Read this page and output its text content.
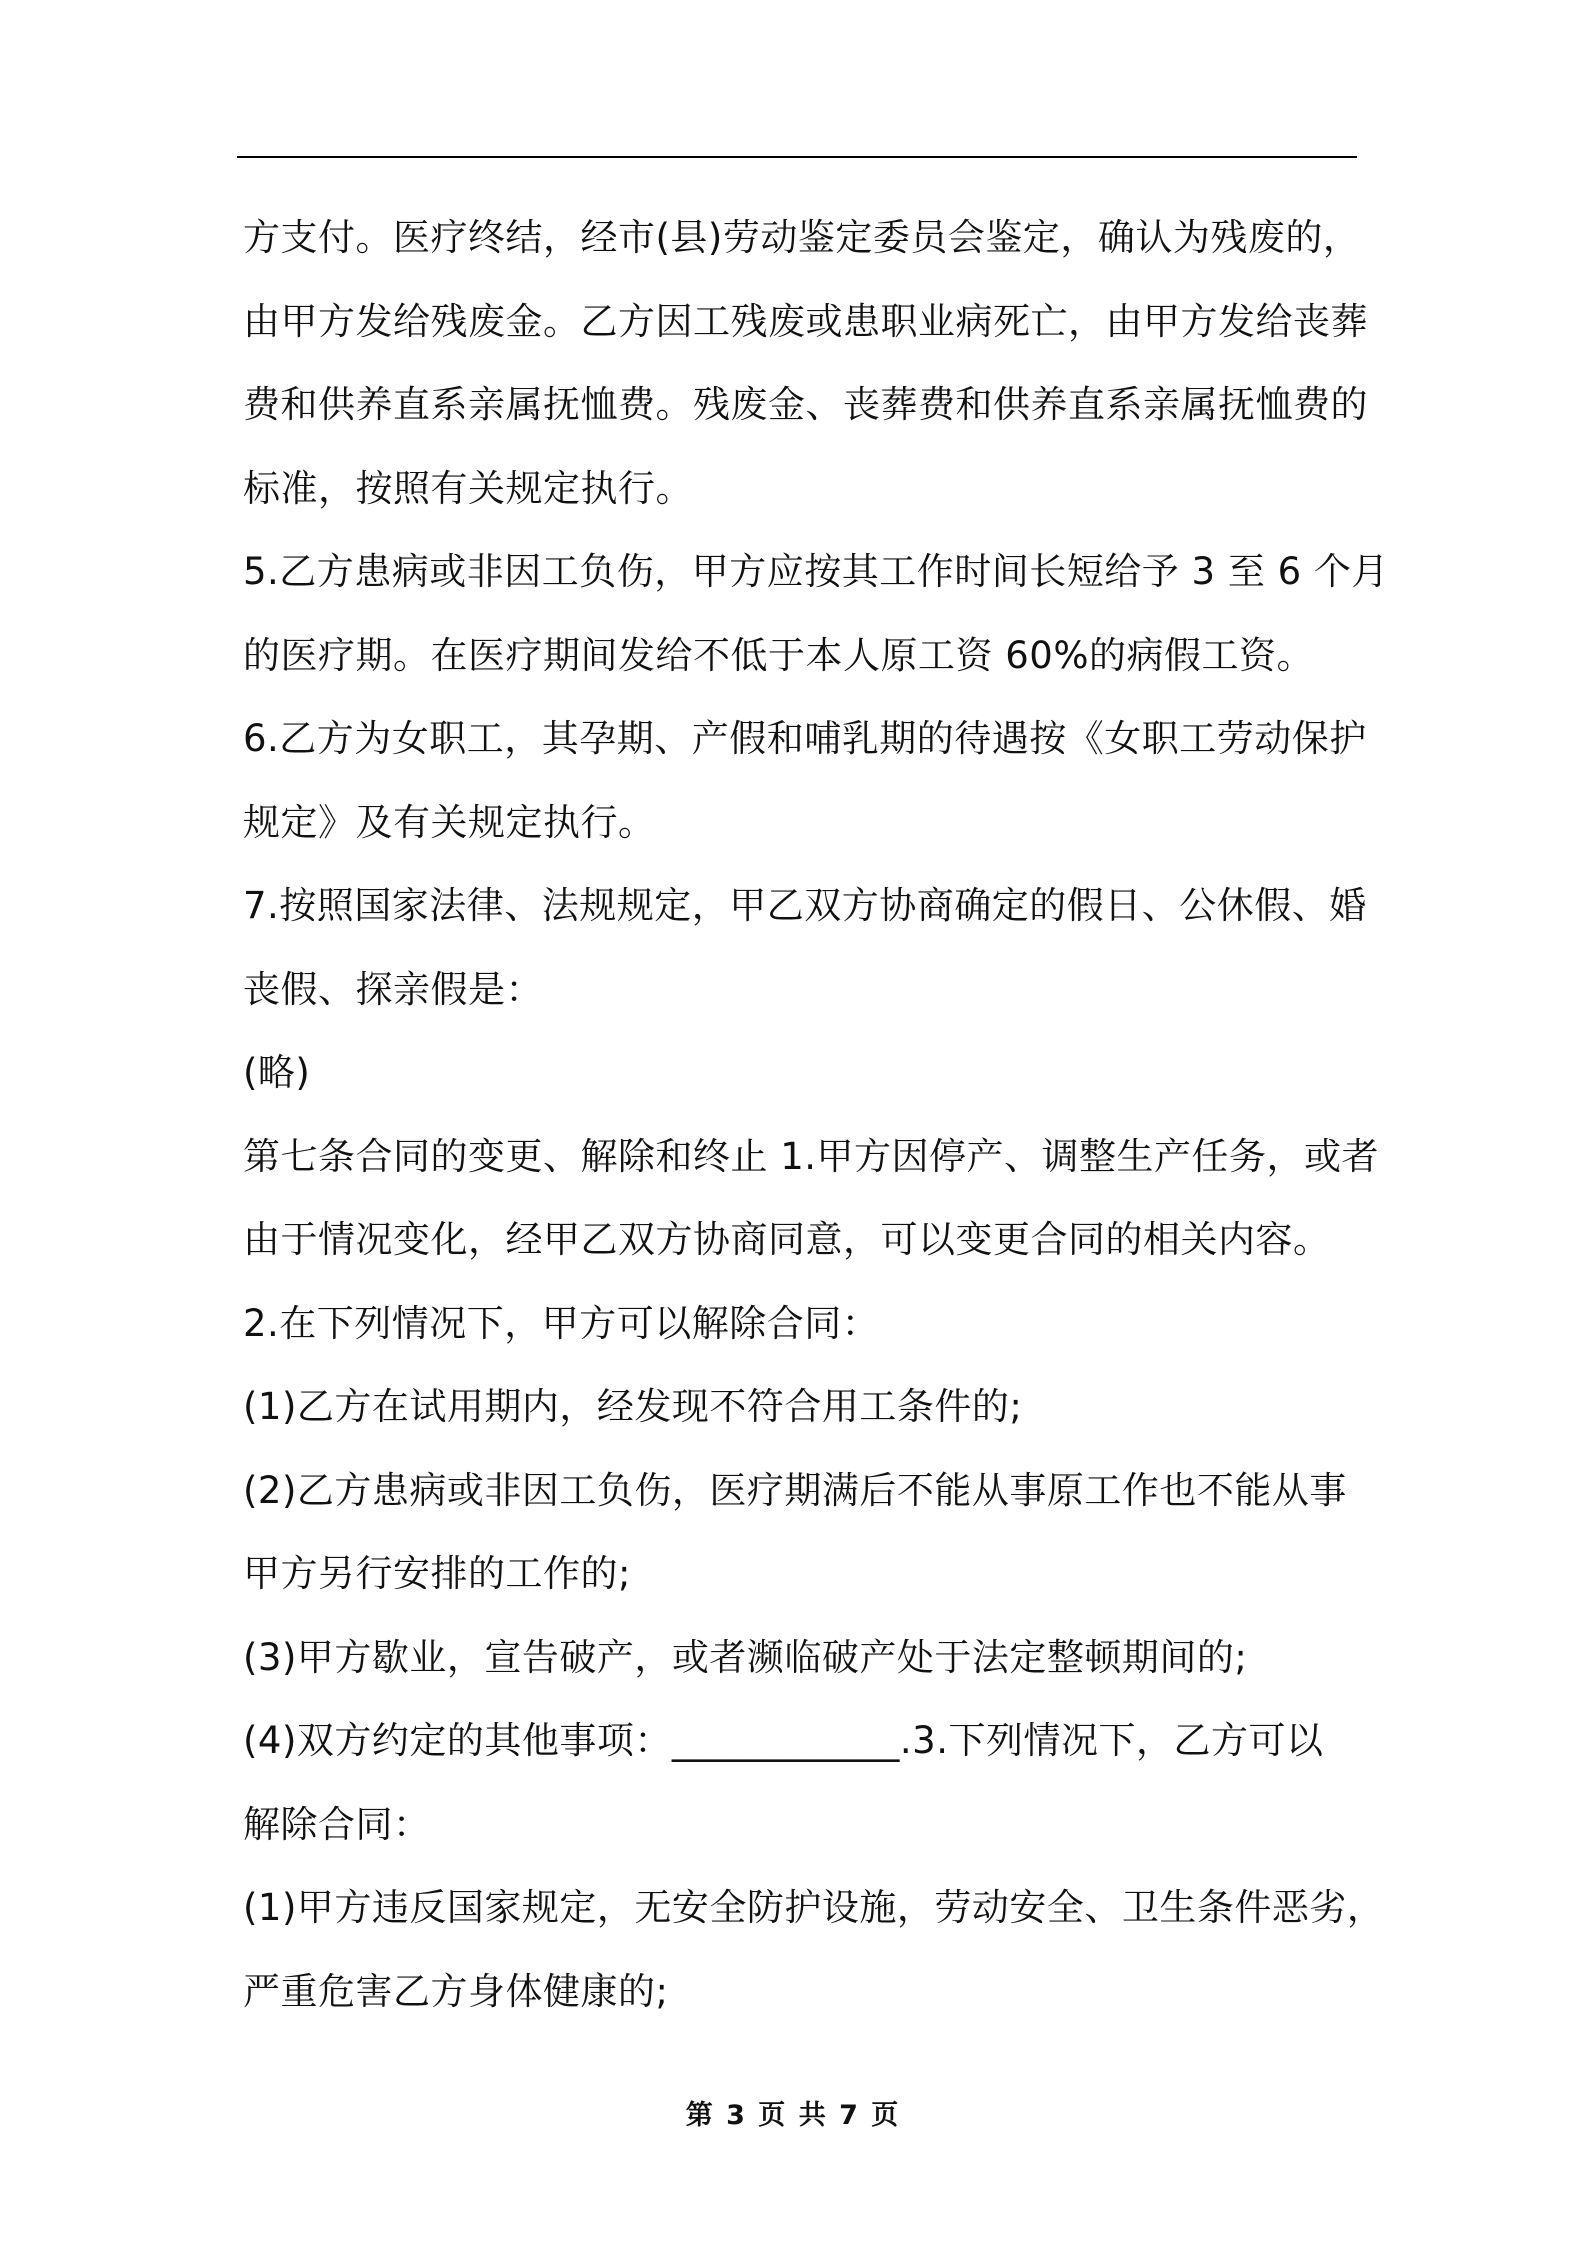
方支付。医疗终结，经市(县)劳动鉴定委员会鉴定，确认为残废的，
由甲方发给残废金。乙方因工残废或患职业病死亡，由甲方发给丧葬
费和供养直系亲属抚恤费。残废金、丧葬费和供养直系亲属抚恤费的
标准，按照有关规定执行。
5.乙方患病或非因工负伤，甲方应按其工作时间长短给予 3 至 6 个月
的医疗期。在医疗期间发给不低于本人原工资 60%的病假工资。
6.乙方为女职工，其孕期、产假和哺乳期的待遇按《女职工劳动保护
规定》及有关规定执行。
7.按照国家法律、法规规定，甲乙双方协商确定的假日、公休假、婚
丧假、探亲假是：
(略)
第七条合同的变更、解除和终止 1.甲方因停产、调整生产任务，或者
由于情况变化，经甲乙双方协商同意，可以变更合同的相关内容。
2.在下列情况下，甲方可以解除合同：
(1)乙方在试用期内，经发现不符合用工条件的;
(2)乙方患病或非因工负伤，医疗期满后不能从事原工作也不能从事
甲方另行安排的工作的;
(3)甲方歇业，宣告破产，或者濒临破产处于法定整顿期间的;
(4)双方约定的其他事项：____________.3.下列情况下，乙方可以
解除合同：
(1)甲方违反国家规定，无安全防护设施，劳动安全、卫生条件恶劣，
严重危害乙方身体健康的;
第 3 页 共 7 页
